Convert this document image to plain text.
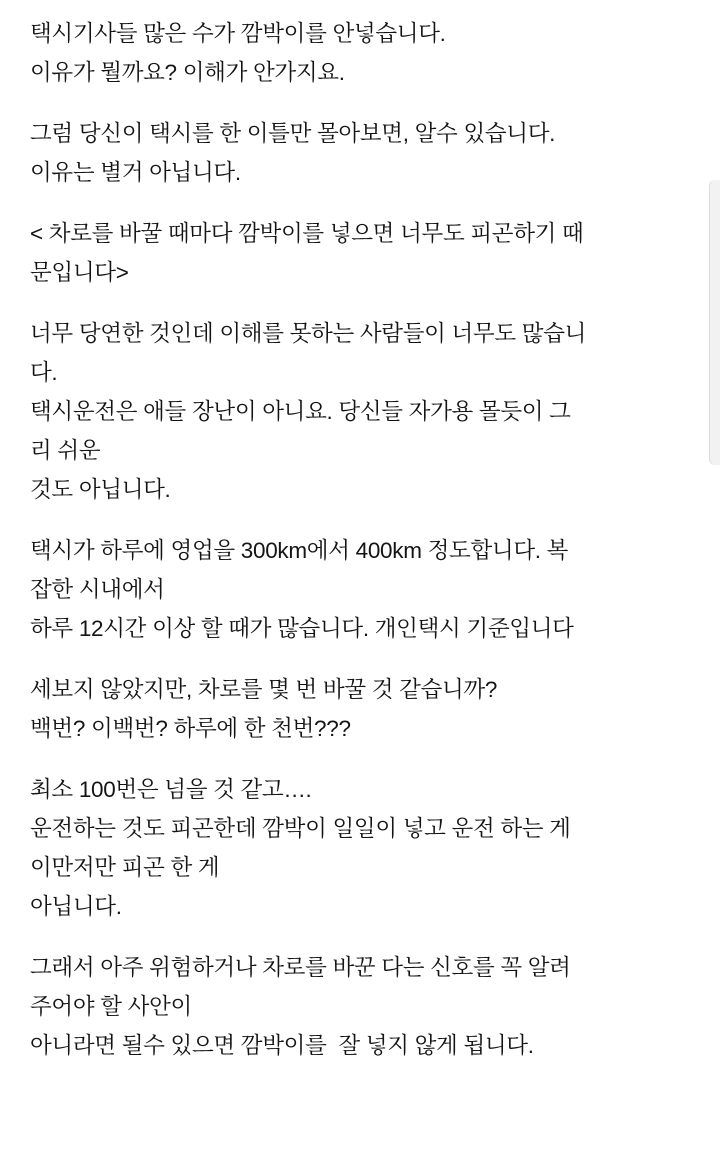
택시기사들 많은 수가 깜박이를 안넣습니다.
이유가 뭘까요? 이해가 안가지요.
그럼 당신이 택시를 한 이틀만 몰아보면, 알수 있습니다.
이유는 별거 아닙니다.
< 차로를 바꿀 때마다 깜박이를 넣으면 너무도 피곤하기 때
문입니다>
너무 당연한 것인데 이해를 못하는 사람들이 너무도 많습니
다.
택시운전은 애들 장난이 아니요. 당신들 자가용 몰듯이 그
리 쉬운
것도 아닙니다.
택시가 하루에 영업을 300km에서 400km 정도합니다. 복
잡한 시내에서
하루 12시간 이상 할 때가 많습니다. 개인택시 기준입니다
세보지 않았지만, 차로를 몇 번 바꿀 것 같습니까?
백번? 이백번? 하루에 한 천번???
최소 100번은 넘을 것 같고….
운전하는 것도 피곤한데 깜박이 일일이 넣고 운전 하는 게
이만저만 피곤 한 게
아닙니다.
그래서 아주 위험하거나 차로를 바꾼 다는 신호를 꼭 알려
주어야 할 사안이
아니라면 될수 있으면 깜박이를  잘 넣지 않게 됩니다.
